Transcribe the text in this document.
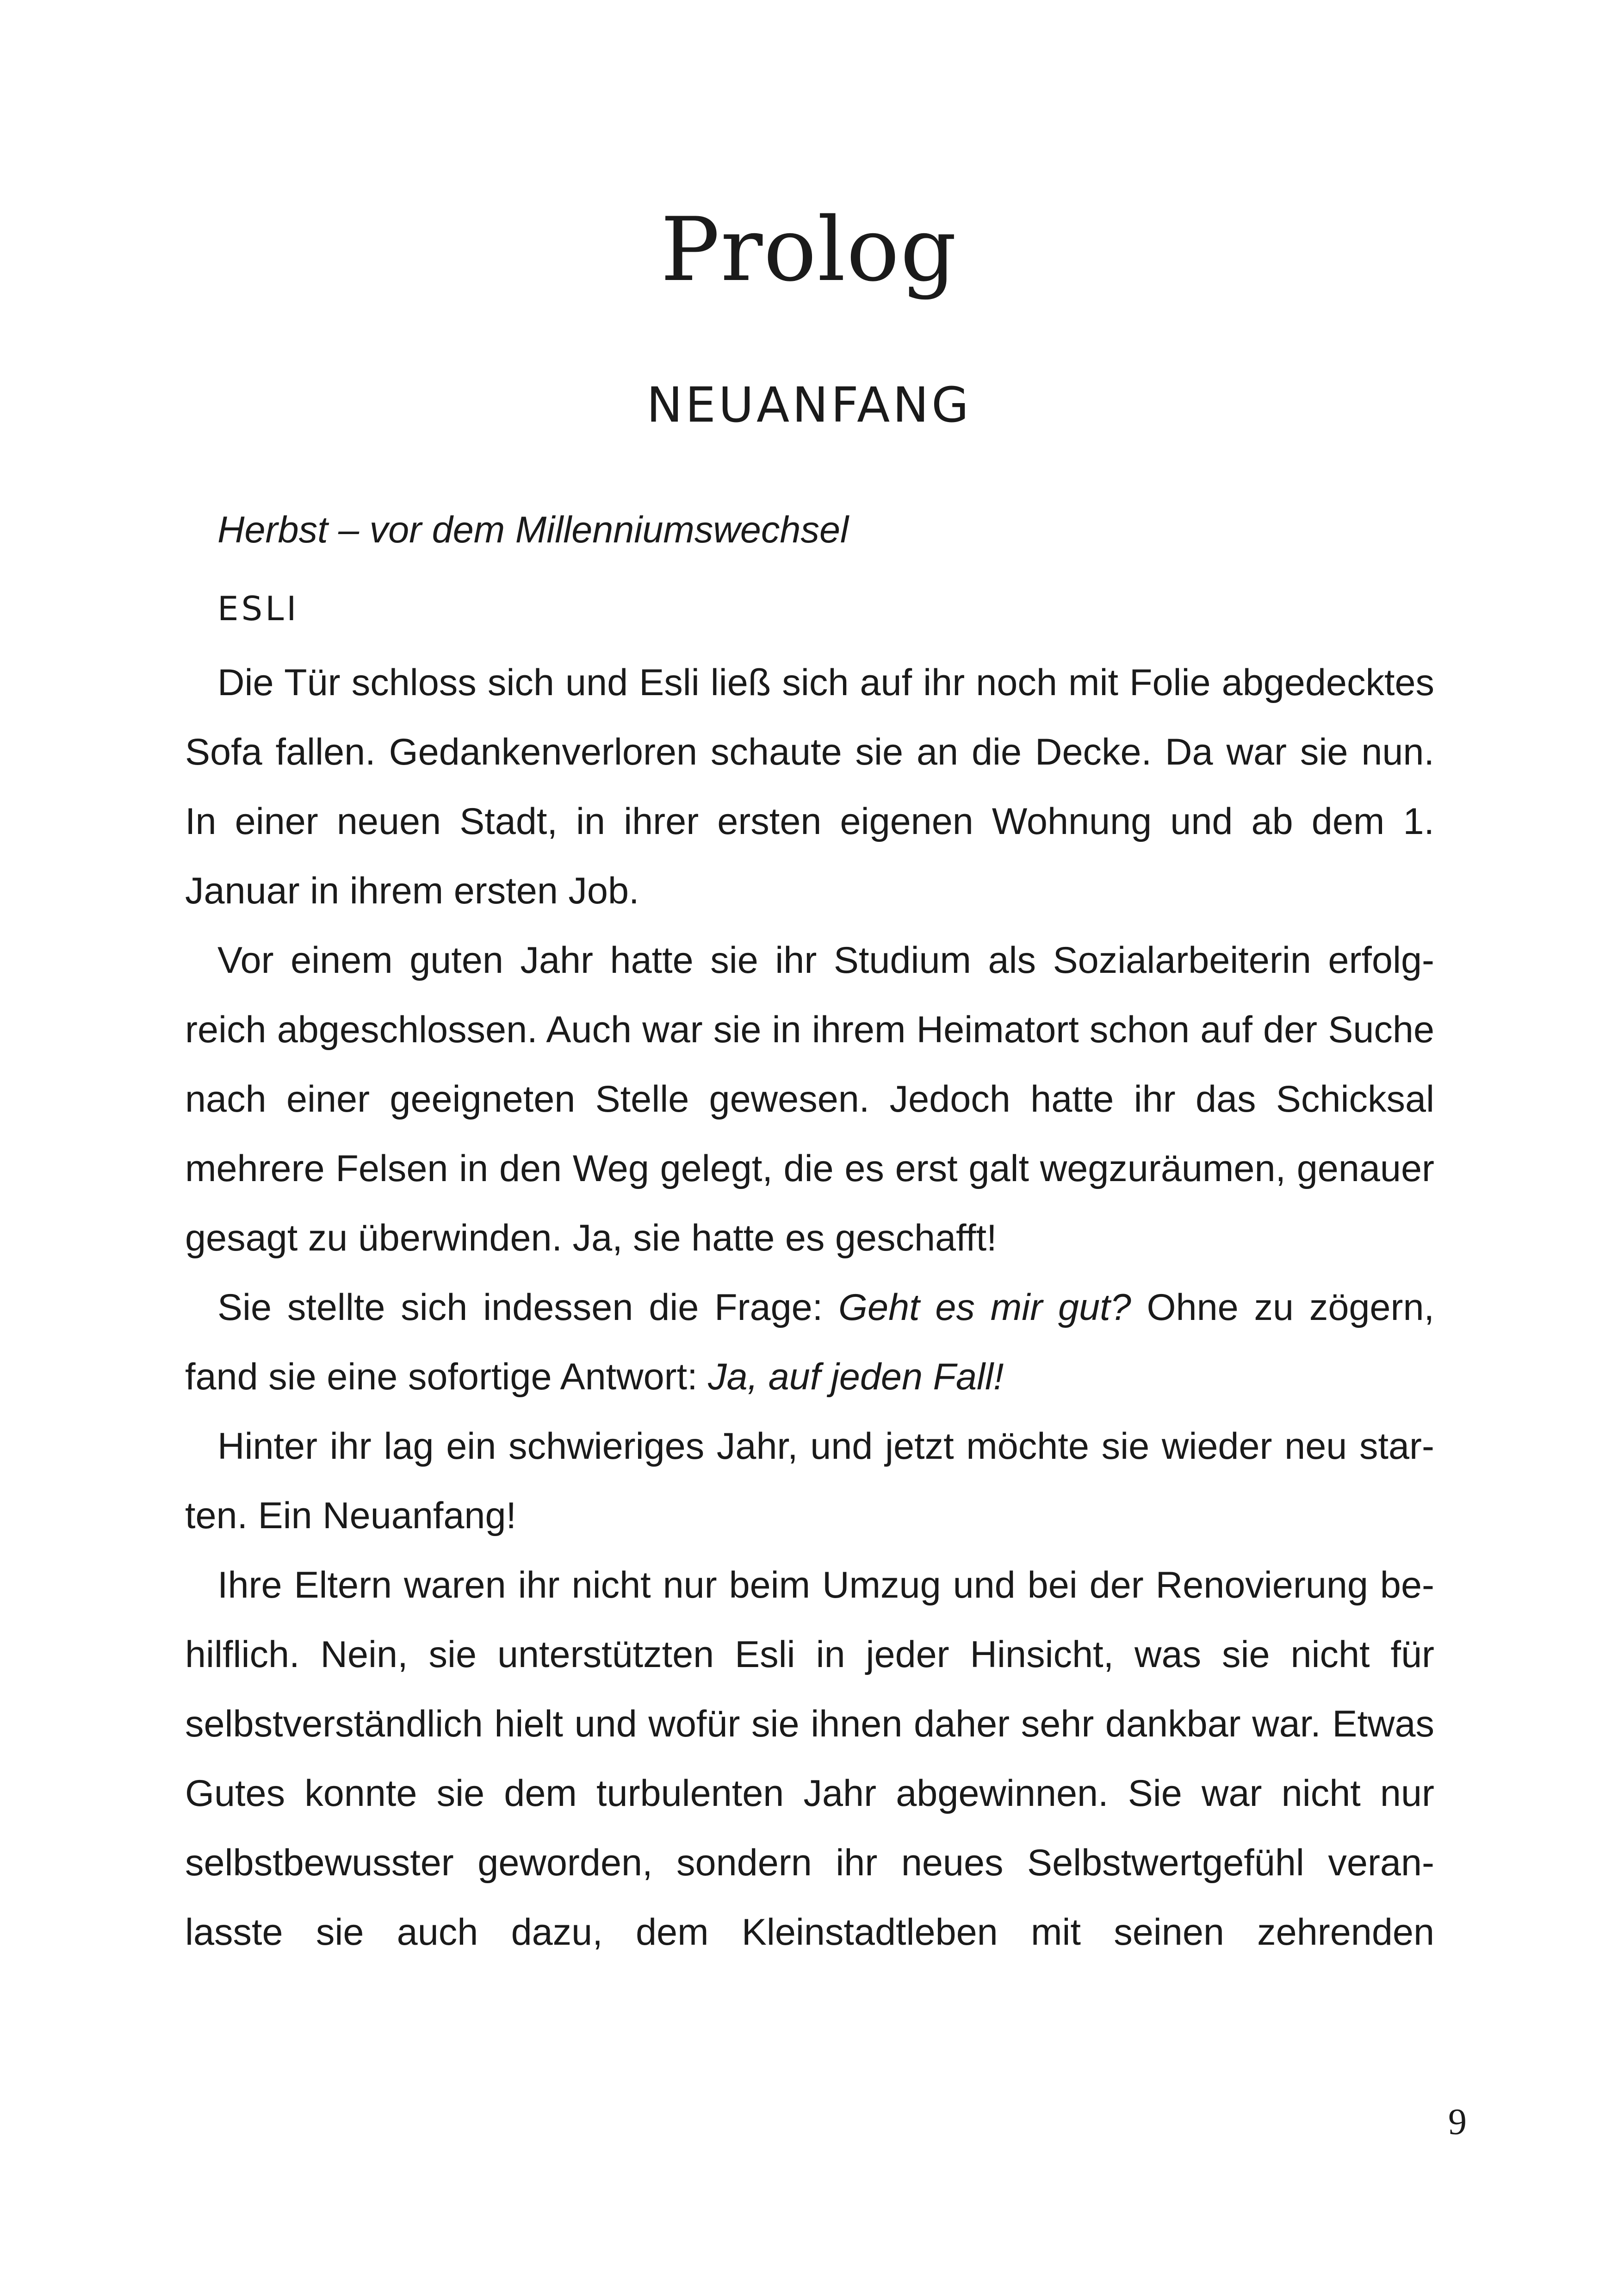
Prolog
NEUANFANG

Herbst – vor dem Millenniumswechsel

ESLI

Die Tür schloss sich und Esli ließ sich auf ihr noch mit Folie abgedecktes Sofa fallen. Gedankenverloren schaute sie an die Decke. Da war sie nun. In einer neuen Stadt, in ihrer ersten eigenen Wohnung und ab dem 1. Januar in ihrem ersten Job.

Vor einem guten Jahr hatte sie ihr Studium als Sozialarbeiterin erfolgreich abgeschlossen. Auch war sie in ihrem Heimatort schon auf der Suche nach einer geeigneten Stelle gewesen. Jedoch hatte ihr das Schicksal mehrere Felsen in den Weg gelegt, die es erst galt wegzuräumen, genauer gesagt zu überwinden. Ja, sie hatte es geschafft!

Sie stellte sich indessen die Frage: Geht es mir gut? Ohne zu zögern, fand sie eine sofortige Antwort: Ja, auf jeden Fall!

Hinter ihr lag ein schwieriges Jahr, und jetzt möchte sie wieder neu starten. Ein Neuanfang!

Ihre Eltern waren ihr nicht nur beim Umzug und bei der Renovierung behilflich. Nein, sie unterstützten Esli in jeder Hinsicht, was sie nicht für selbstverständlich hielt und wofür sie ihnen daher sehr dankbar war. Etwas Gutes konnte sie dem turbulenten Jahr abgewinnen. Sie war nicht nur selbstbewusster geworden, sondern ihr neues Selbstwertgefühl veranlasste sie auch dazu, dem Kleinstadtleben mit seinen zehrenden

9
